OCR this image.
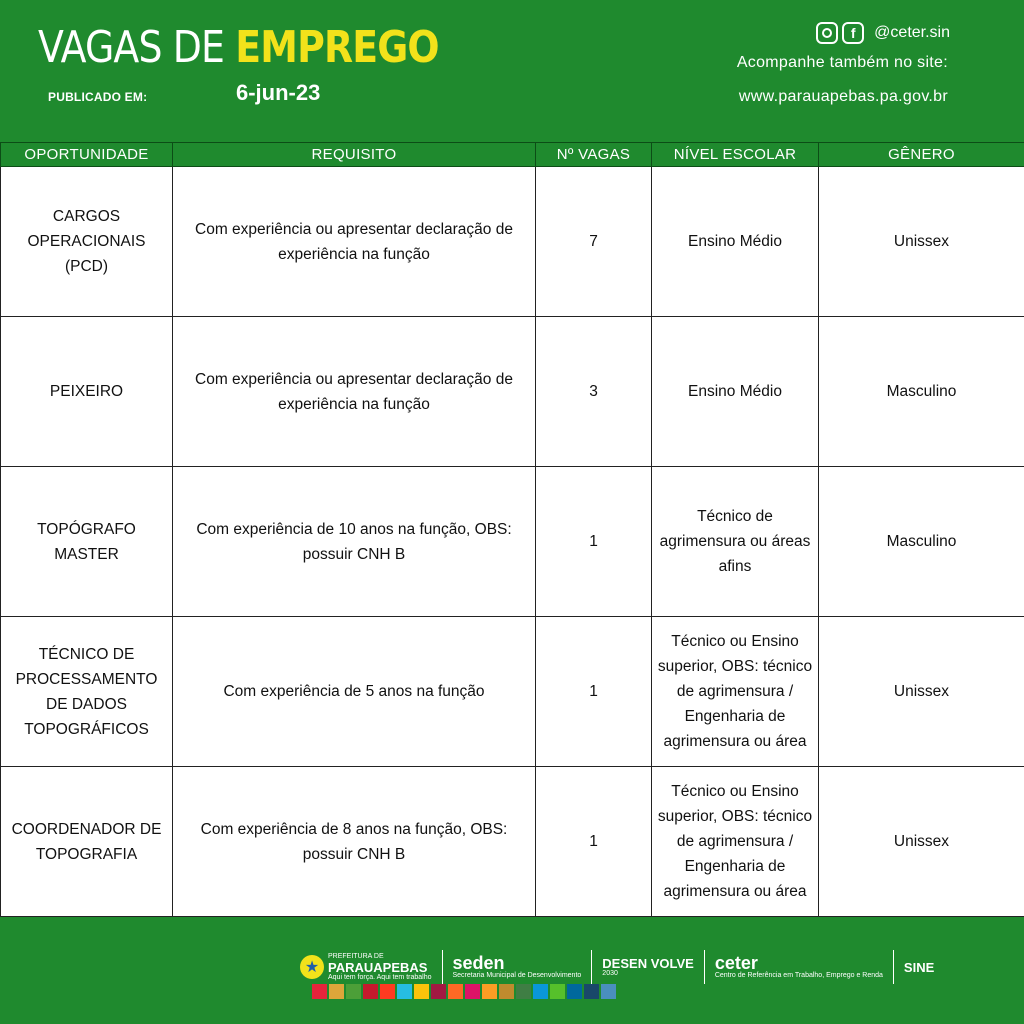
VAGAS DE EMPREGO
PUBLICADO EM:	6-jun-23
f	@ceter.sin
Acompanhe também no site:
www.parauapebas.pa.gov.br
OPORTUNIDADE	REQUISITO	Nº VAGAS	NÍVEL ESCOLAR	GÊNERO
CARGOS OPERACIONAIS (PCD)	Com experiência ou apresentar declaração de experiência na função	7	Ensino Médio	Unissex
PEIXEIRO	Com experiência ou apresentar declaração de experiência na função	3	Ensino Médio	Masculino
TOPÓGRAFO MASTER	Com experiência de 10 anos na função, OBS: possuir CNH B	1	Técnico de agrimensura ou áreas afins	Masculino
TÉCNICO DE PROCESSAMENTO DE DADOS TOPOGRÁFICOS	Com experiência de 5 anos na função	1	Técnico ou Ensino superior, OBS: técnico de agrimensura / Engenharia de agrimensura ou área	Unissex
COORDENADOR DE TOPOGRAFIA	Com experiência de 8 anos na função, OBS: possuir CNH B	1	Técnico ou Ensino superior, OBS: técnico de agrimensura / Engenharia de agrimensura ou área	Unissex
★
PREFEITURA DE
PARAUAPEBAS
Aqui tem força. Aqui tem trabalho
seden
Secretaria Municipal de Desenvolvimento
DESEN VOLVE
2030	ceter
Centro de Referência em Trabalho, Emprego e Renda
SINE
